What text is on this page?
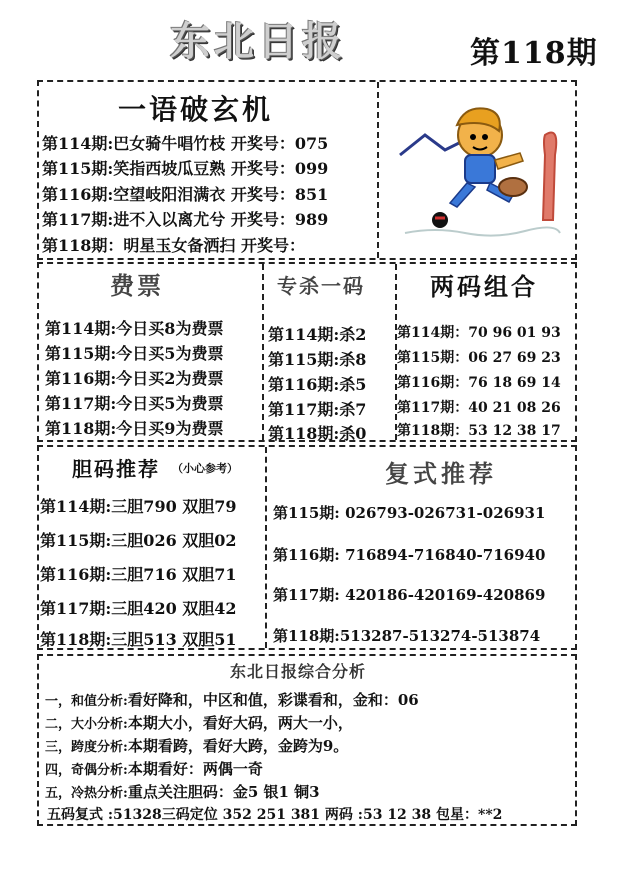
东北日报	第118期
一语破玄机
第114期:巴女骑牛唱竹枝 开奖号：075
第115期:笑指西坡瓜豆熟 开奖号：099
第116期:空望岐阳泪满衣 开奖号：851
第117期:进不入以离尤兮 开奖号：989
第118期：明星玉女备洒扫 开奖号：
费票
第114期:今日买8为费票
第115期:今日买5为费票
第116期:今日买2为费票
第117期:今日买5为费票
第118期:今日买9为费票
专杀一码
第114期:杀2
第115期:杀8
第116期:杀5
第117期:杀7
第118期:杀0
两码组合
第114期：70 96 01 93
第115期：06 27 69 23
第116期：76 18 69 14
第117期：40 21 08 26
第118期：53 12 38 17
胆码推荐 （小心参考）
第114期:三胆790 双胆79
第115期:三胆026 双胆02
第116期:三胆716 双胆71
第117期:三胆420 双胆42
第118期:三胆513 双胆51
复式推荐
第115期: 026793-026731-026931
第116期: 716894-716840-716940
第117期: 420186-420169-420869
第118期:513287-513274-513874
东北日报综合分析
一，和值分析:看好降和，中区和值，彩谍看和，金和：06
二，大小分析:本期大小，看好大码，两大一小，
三，跨度分析:本期看跨，看好大跨，金跨为9。
四，奇偶分析:本期看好：两偶一奇
五，冷热分析:重点关注胆码：金5 银1 铜3
五码复式 :51328三码定位 352 251 381 两码 :53 12 38 包星：**2
